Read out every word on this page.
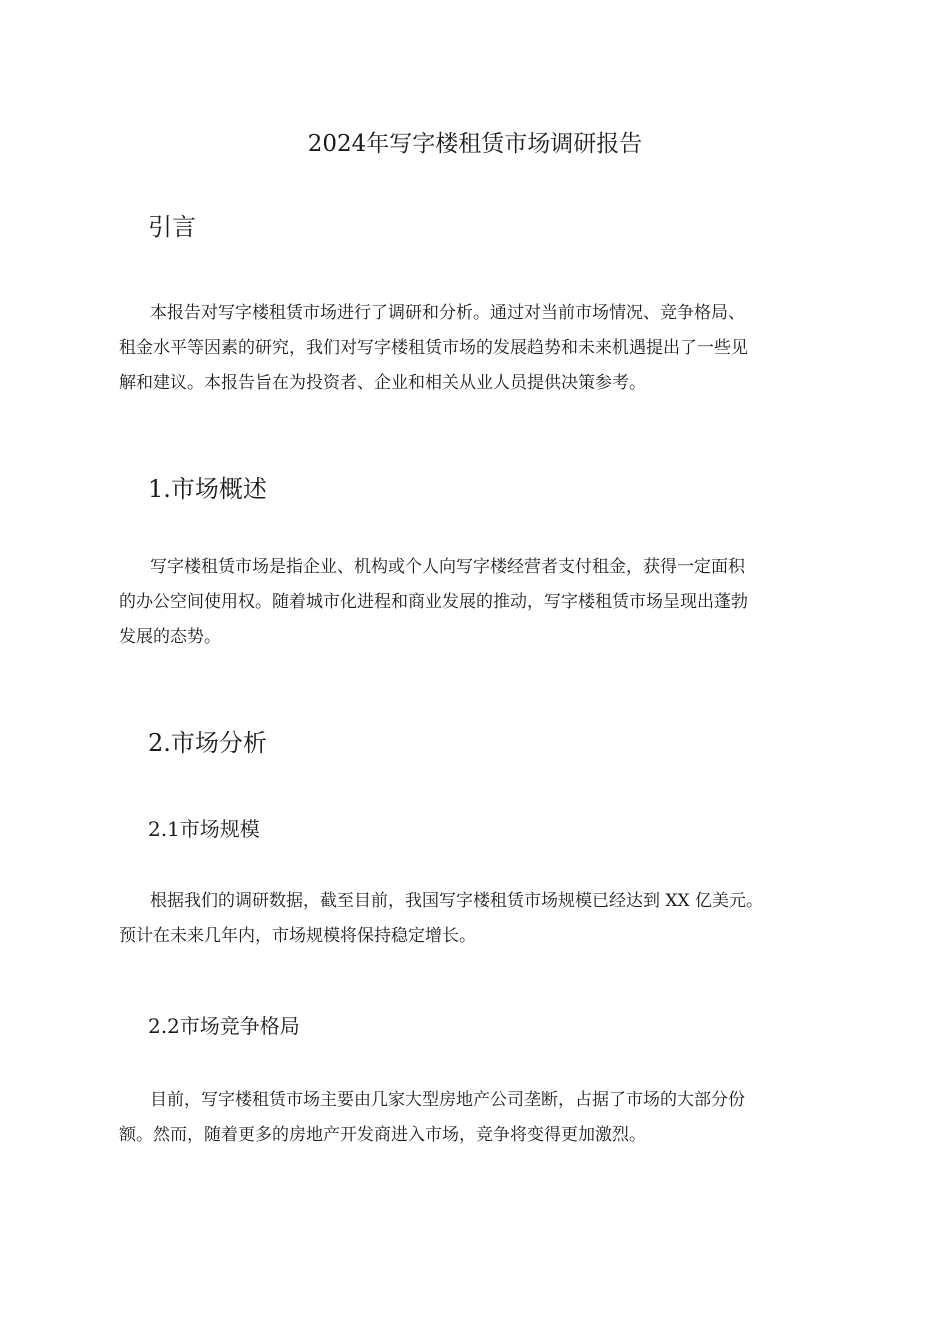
2024年写字楼租赁市场调研报告
引言

本报告对写字楼租赁市场进行了调研和分析。通过对当前市场情况、竞争格局、
租金水平等因素的研究，我们对写字楼租赁市场的发展趋势和未来机遇提出了一些见
解和建议。本报告旨在为投资者、企业和相关从业人员提供决策参考。

1.市场概述

写字楼租赁市场是指企业、机构或个人向写字楼经营者支付租金，获得一定面积
的办公空间使用权。随着城市化进程和商业发展的推动，写字楼租赁市场呈现出蓬勃
发展的态势。

2.市场分析
2.1市场规模

根据我们的调研数据，截至目前，我国写字楼租赁市场规模已经达到 XX 亿美元。
预计在未来几年内，市场规模将保持稳定增长。

2.2市场竞争格局

目前，写字楼租赁市场主要由几家大型房地产公司垄断，占据了市场的大部分份
额。然而，随着更多的房地产开发商进入市场，竞争将变得更加激烈。
